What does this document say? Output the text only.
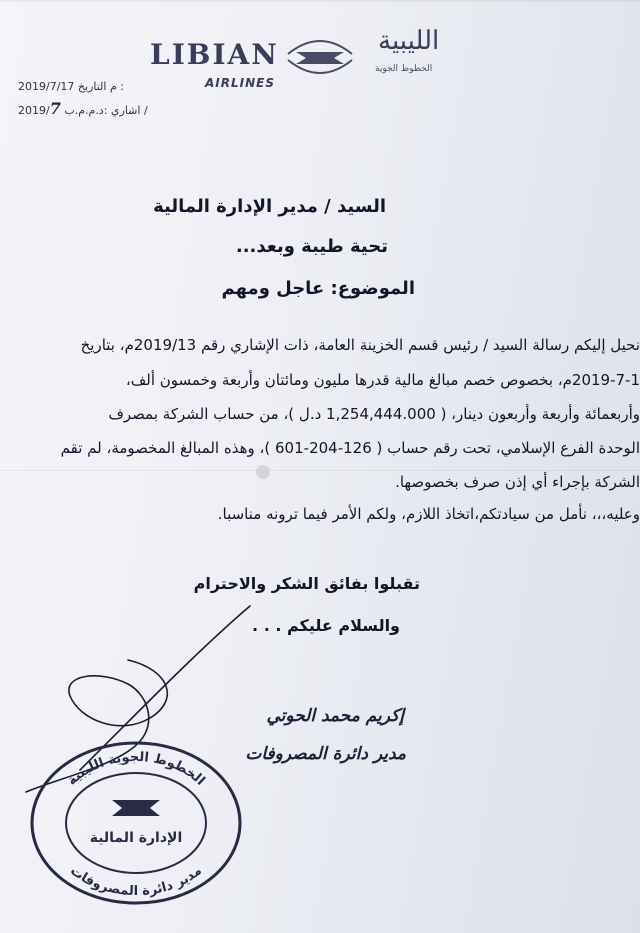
LIBIAN
AIRLINES
الليبية
الخطوط الجوية
2019/7/17 م التاريخ :
2019/7 اشاري :د.م.م.ب /
السيد / مدير الإدارة المالية
تحية طيبة وبعد...
الموضوع: عاجل ومهم
نحيل إليكم رسالة السيد / رئيس قسم الخزينة العامة، ذات الإشاري رقم 2019/13م، بتاريخ
2019-7-1م، بخصوص خصم مبالغ مالية قدرها مليون ومائتان وأربعة وخمسون ألف،
وأربعمائة وأربعة وأربعون دينار، ( 1,254,444.000 د.ل )، من حساب الشركة بمصرف
الوحدة الفرع الإسلامي، تحت رقم حساب ( 126-204-601 )، وهذه المبالغ المخصومة، لم تقم
الشركة بإجراء أي إذن صرف بخصوصها.
وعليه،،، نأمل من سيادتكم،اتخاذ اللازم، ولكم الأمر فيما ترونه مناسبا.
تقبلوا بفائق الشكر والاحترام
والسلام عليكم . . .
إكريم محمد الحوتي
الخطوط الجوية الليبية
مدير دائرة المصروفات
الإدارة المالية
مدير دائرة المصروفات
